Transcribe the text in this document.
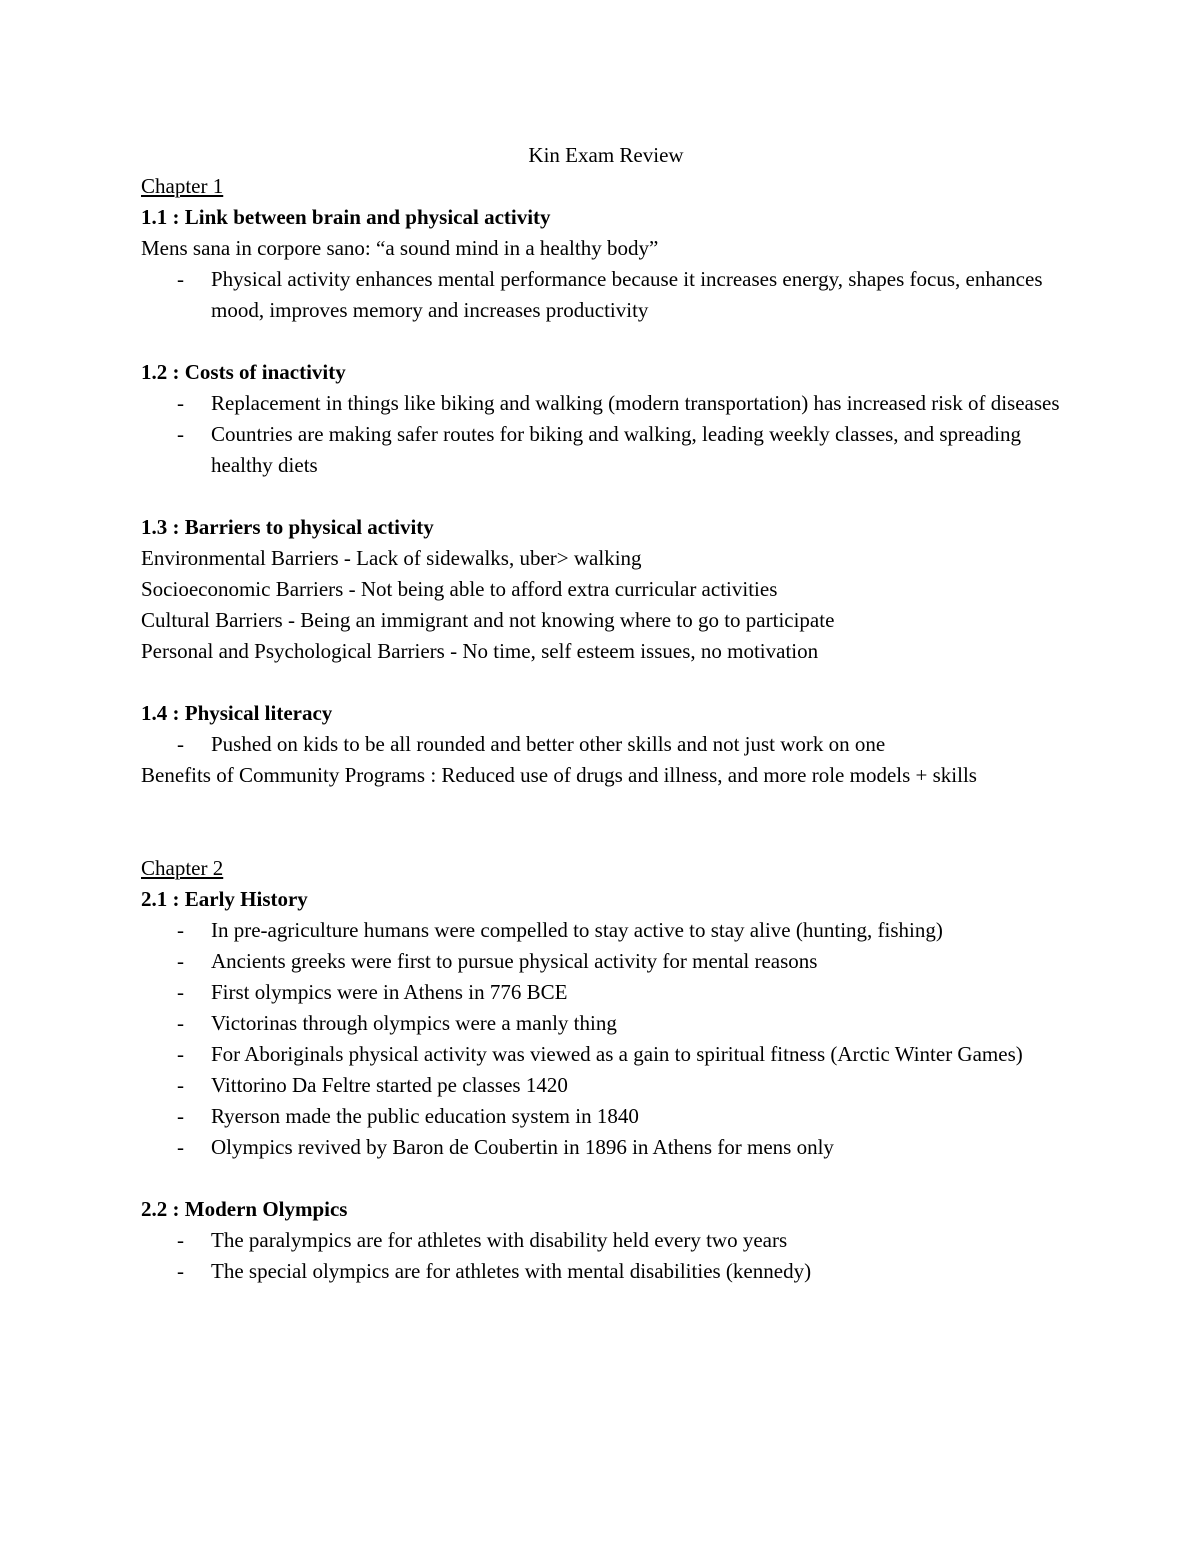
Kin Exam Review

Chapter 1

1.1 : Link between brain and physical activity

Mens sana in corpore sano: “a sound mind in a healthy body”

- Physical activity enhances mental performance because it increases energy, shapes focus, enhances mood, improves memory and increases productivity

1.2 : Costs of inactivity

- Replacement in things like biking and walking (modern transportation) has increased risk of diseases
- Countries are making safer routes for biking and walking, leading weekly classes, and spreading healthy diets

1.3 : Barriers to physical activity

Environmental Barriers - Lack of sidewalks, uber> walking

Socioeconomic Barriers - Not being able to afford extra curricular activities

Cultural Barriers - Being an immigrant and not knowing where to go to participate

Personal and Psychological Barriers - No time, self esteem issues, no motivation

1.4 : Physical literacy

- Pushed on kids to be all rounded and better other skills and not just work on one

Benefits of Community Programs : Reduced use of drugs and illness, and more role models + skills

Chapter 2

2.1 : Early History

- In pre-agriculture humans were compelled to stay active to stay alive (hunting, fishing)
- Ancients greeks were first to pursue physical activity for mental reasons
- First olympics were in Athens in 776 BCE
- Victorinas through olympics were a manly thing
- For Aboriginals physical activity was viewed as a gain to spiritual fitness (Arctic Winter Games)
- Vittorino Da Feltre started pe classes 1420
- Ryerson made the public education system in 1840
- Olympics revived by Baron de Coubertin in 1896 in Athens for mens only

2.2 : Modern Olympics

- The paralympics are for athletes with disability held every two years
- The special olympics are for athletes with mental disabilities (kennedy)
